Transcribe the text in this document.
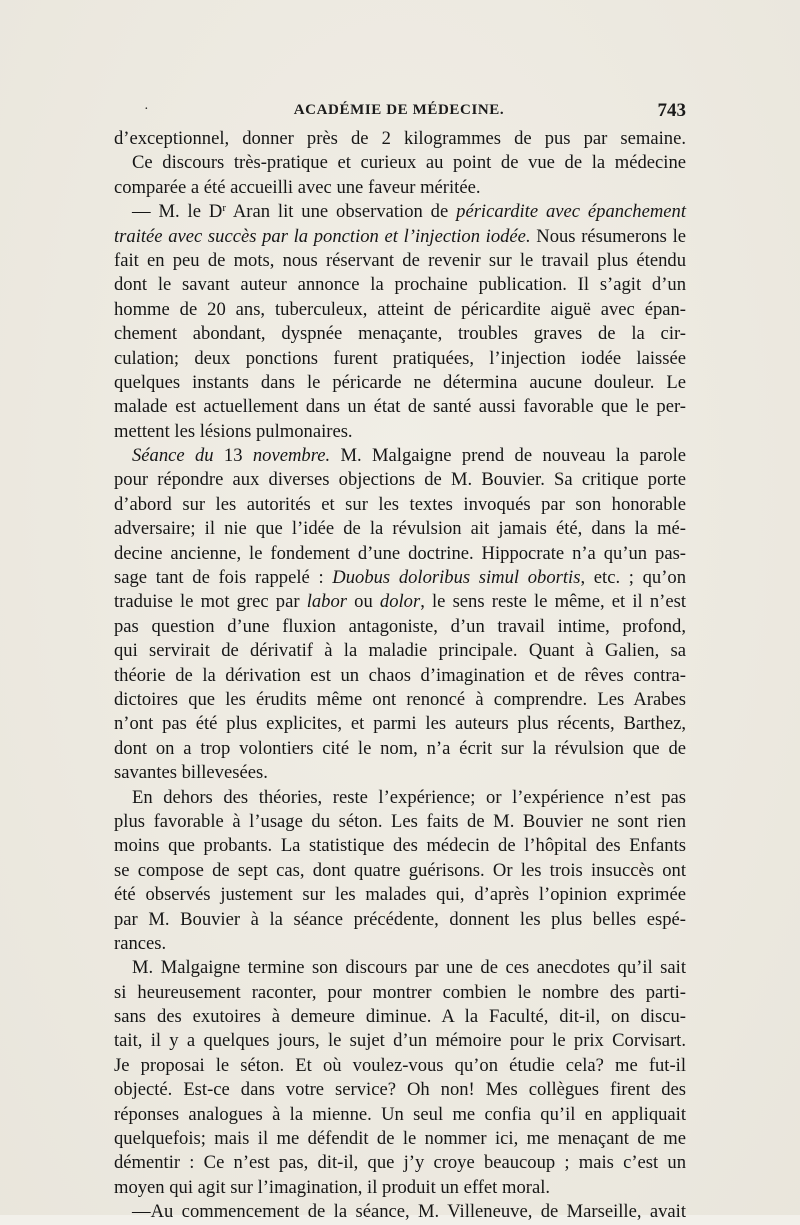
·	ACADÉMIE DE MÉDECINE.	743
d’exceptionnel, donner près de 2 kilogrammes de pus par semaine.
Ce discours très-pratique et curieux au point de vue de la médecine
comparée a été accueilli avec une faveur méritée.
— M. le $D^r$ Aran lit une observation de péricardite avec épanchement
traitée avec succès par la ponction et l’injection iodée. Nous résumerons le
fait en peu de mots, nous réservant de revenir sur le travail plus étendu
dont le savant auteur annonce la prochaine publication. Il s’agit d’un
homme de 20 ans, tuberculeux, atteint de péricardite aiguë avec épan-
chement abondant, dyspnée menaçante, troubles graves de la cir-
culation; deux ponctions furent pratiquées, l’injection iodée laissée
quelques instants dans le péricarde ne détermina aucune douleur. Le
malade est actuellement dans un état de santé aussi favorable que le per-
mettent les lésions pulmonaires.
Séance du 13 novembre. M. Malgaigne prend de nouveau la parole
pour répondre aux diverses objections de M. Bouvier. Sa critique porte
d’abord sur les autorités et sur les textes invoqués par son honorable
adversaire; il nie que l’idée de la révulsion ait jamais été, dans la mé-
decine ancienne, le fondement d’une doctrine. Hippocrate n’a qu’un pas-
sage tant de fois rappelé : Duobus doloribus simul obortis, etc. ; qu’on
traduise le mot grec par labor ou dolor, le sens reste le même, et il n’est
pas question d’une fluxion antagoniste, d’un travail intime, profond,
qui servirait de dérivatif à la maladie principale. Quant à Galien, sa
théorie de la dérivation est un chaos d’imagination et de rêves contra-
dictoires que les érudits même ont renoncé à comprendre. Les Arabes
n’ont pas été plus explicites, et parmi les auteurs plus récents, Barthez,
dont on a trop volontiers cité le nom, n’a écrit sur la révulsion que de
savantes billevesées.
En dehors des théories, reste l’expérience; or l’expérience n’est pas
plus favorable à l’usage du séton. Les faits de M. Bouvier ne sont rien
moins que probants. La statistique des médecin de l’hôpital des Enfants
se compose de sept cas, dont quatre guérisons. Or les trois insuccès ont
été observés justement sur les malades qui, d’après l’opinion exprimée
par M. Bouvier à la séance précédente, donnent les plus belles espé-
rances.
M. Malgaigne termine son discours par une de ces anecdotes qu’il sait
si heureusement raconter, pour montrer combien le nombre des parti-
sans des exutoires à demeure diminue. A la Faculté, dit-il, on discu-
tait, il y a quelques jours, le sujet d’un mémoire pour le prix Corvisart.
Je proposai le séton. Et où voulez-vous qu’on étudie cela? me fut-il
objecté. Est-ce dans votre service? Oh non! Mes collègues firent des
réponses analogues à la mienne. Un seul me confia qu’il en appliquait
quelquefois; mais il me défendit de le nommer ici, me menaçant de me
démentir : Ce n’est pas, dit-il, que j’y croye beaucoup ; mais c’est un
moyen qui agit sur l’imagination, il produit un effet moral.
—Au commencement de la séance, M. Villeneuve, de Marseille, avait
